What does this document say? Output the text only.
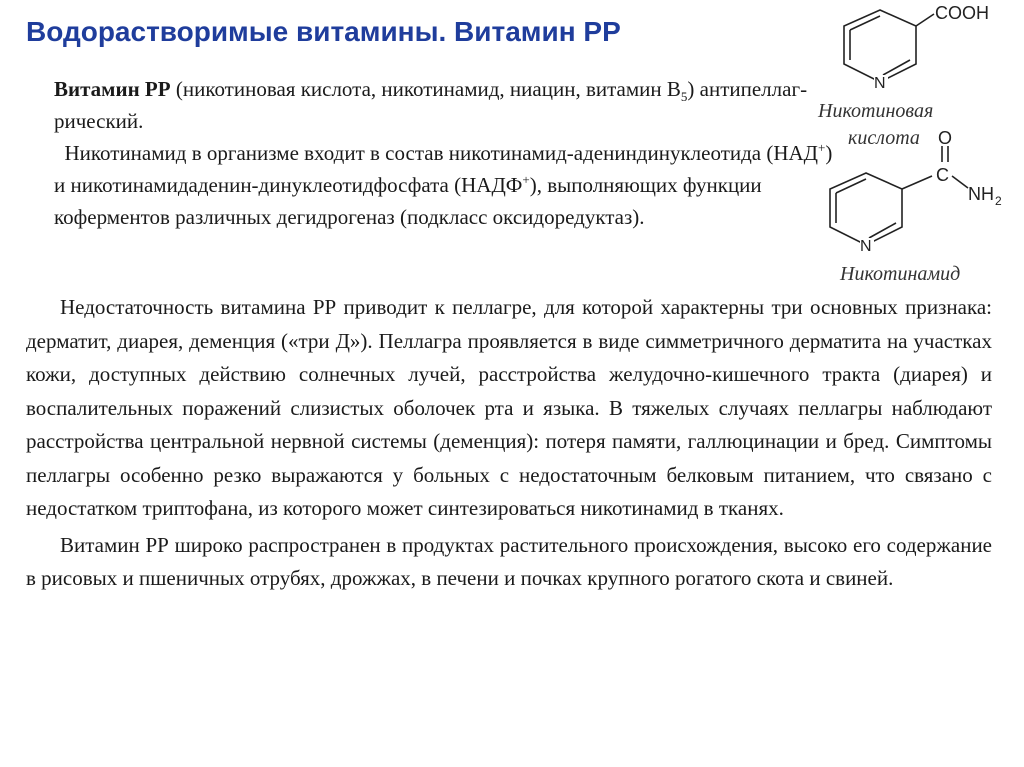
Водорастворимые витамины. Витамин РР

Витамин РР (никотиновая кислота, никотинамид, ниацин, витамин $B_5$) антипеллагрический.

Никотинамид в организме входит в состав никотинамид-адениндинуклеотида (НАД+) и никотинамидаденин-динуклеотидфосфата (НАДФ+), выполняющих функции коферментов различных дегидрогеназ (подкласс оксидоредуктаз).

Недостаточность витамина РР приводит к пеллагре, для которой характерны три основных признака: дерматит, диарея, деменция («три Д»). Пеллагра проявляется в виде симметричного дерматита на участках кожи, доступных действию солнечных лучей, расстройства желудочно-кишечного тракта (диарея) и воспалительных поражений слизистых оболочек рта и языка. В тяжелых случаях пеллагры наблюдают расстройства центральной нервной системы (деменция): потеря памяти, галлюцинации и бред. Симптомы пеллагры особенно резко выражаются у больных с недостаточным белковым питанием, что связано с недостатком триптофана, из которого может синтезироваться никотинамид в тканях.

Витамин РР широко распространен в продуктах растительного происхождения, высоко его содержание в рисовых и пшеничных отрубях, дрожжах, в печени и почках крупного рогатого скота и свиней.

N
COOH
Никотиновая
кислота
N
O
C
NH 2
Никотинамид
